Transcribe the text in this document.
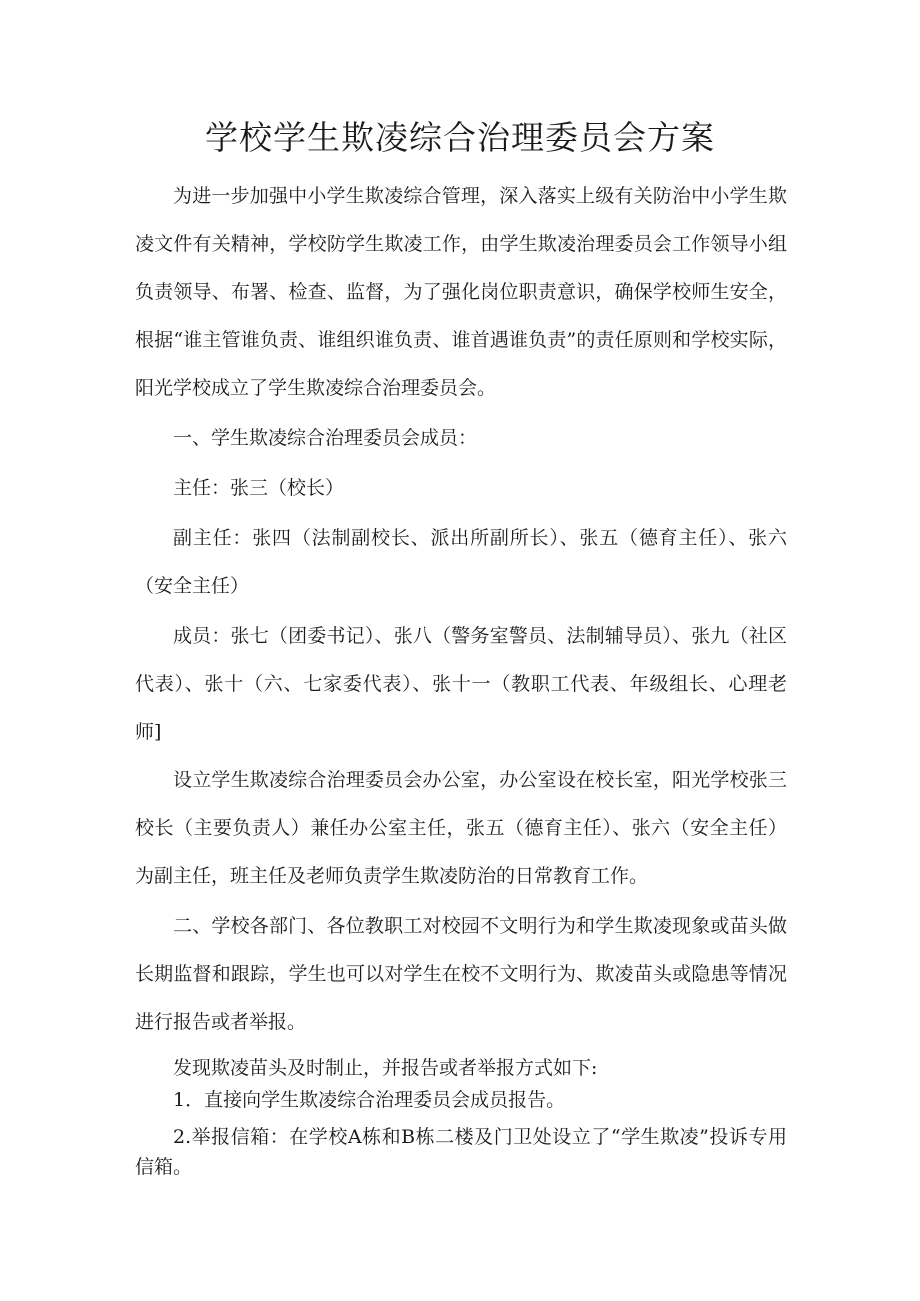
学校学生欺凌综合治理委员会方案

为进一步加强中小学生欺凌综合管理，深入落实上级有关防治中小学生欺凌文件有关精神，学校防学生欺凌工作，由学生欺凌治理委员会工作领导小组负责领导、布署、检查、监督，为了强化岗位职责意识，确保学校师生安全，根据“谁主管谁负责、谁组织谁负责、谁首遇谁负责”的责任原则和学校实际，阳光学校成立了学生欺凌综合治理委员会。

一、学生欺凌综合治理委员会成员：

主任：张三（校长）

副主任：张四（法制副校长、派出所副所长）、张五（德育主任）、张六（安全主任）

成员：张七（团委书记）、张八（警务室警员、法制辅导员）、张九（社区代表）、张十（六、七家委代表）、张十一（教职工代表、年级组长、心理老师]

设立学生欺凌综合治理委员会办公室，办公室设在校长室，阳光学校张三校长（主要负责人）兼任办公室主任，张五（德育主任）、张六（安全主任）为副主任，班主任及老师负责学生欺凌防治的日常教育工作。

二、学校各部门、各位教职工对校园不文明行为和学生欺凌现象或苗头做长期监督和跟踪，学生也可以对学生在校不文明行为、欺凌苗头或隐患等情况进行报告或者举报。

发现欺凌苗头及时制止，并报告或者举报方式如下:

1．直接向学生欺凌综合治理委员会成员报告。

2.举报信箱：在学校A栋和B栋二楼及门卫处设立了“学生欺凌”投诉专用信箱。
